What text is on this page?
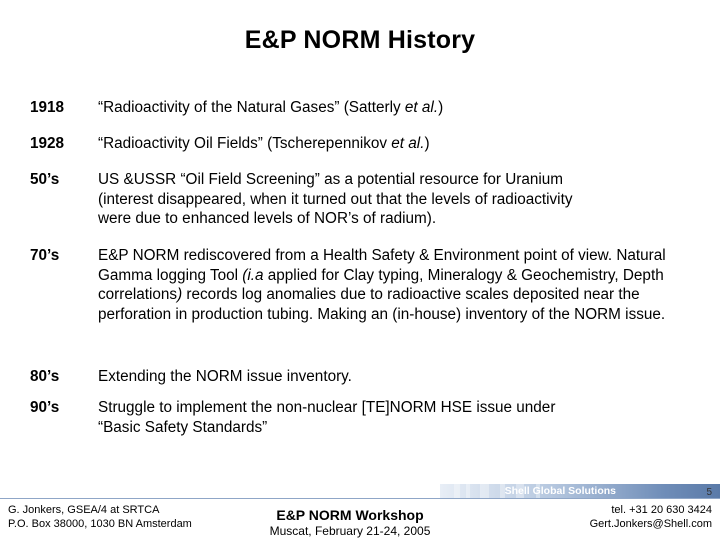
E&P NORM History
1918	“Radioactivity of the Natural Gases” (Satterly et al.)
1928	“Radioactivity Oil Fields” (Tscherepennikov et al.)
50’s	US &USSR “Oil Field Screening” as a potential resource for Uranium
(interest disappeared, when it turned out that the levels of radioactivity
were due to enhanced levels of NOR’s of radium).
70’s	E&P NORM rediscovered from a Health Safety & Environment point of view. Natural Gamma logging Tool (i.a applied for Clay typing, Mineralogy & Geochemistry, Depth correlations) records log anomalies due to radioactive scales deposited near the perforation in production tubing. Making an (in-house) inventory of the NORM issue.
80’s	Extending the NORM issue inventory.
90’s	Struggle to implement the non-nuclear [TE]NORM HSE issue under
“Basic Safety Standards”
Shell Global Solutions	5
G. Jonkers, GSEA/4 at SRTCA
P.O. Box 38000, 1030 BN Amsterdam
E&P NORM Workshop
Muscat, February 21-24, 2005
tel. +31 20 630 3424
Gert.Jonkers@Shell.com
